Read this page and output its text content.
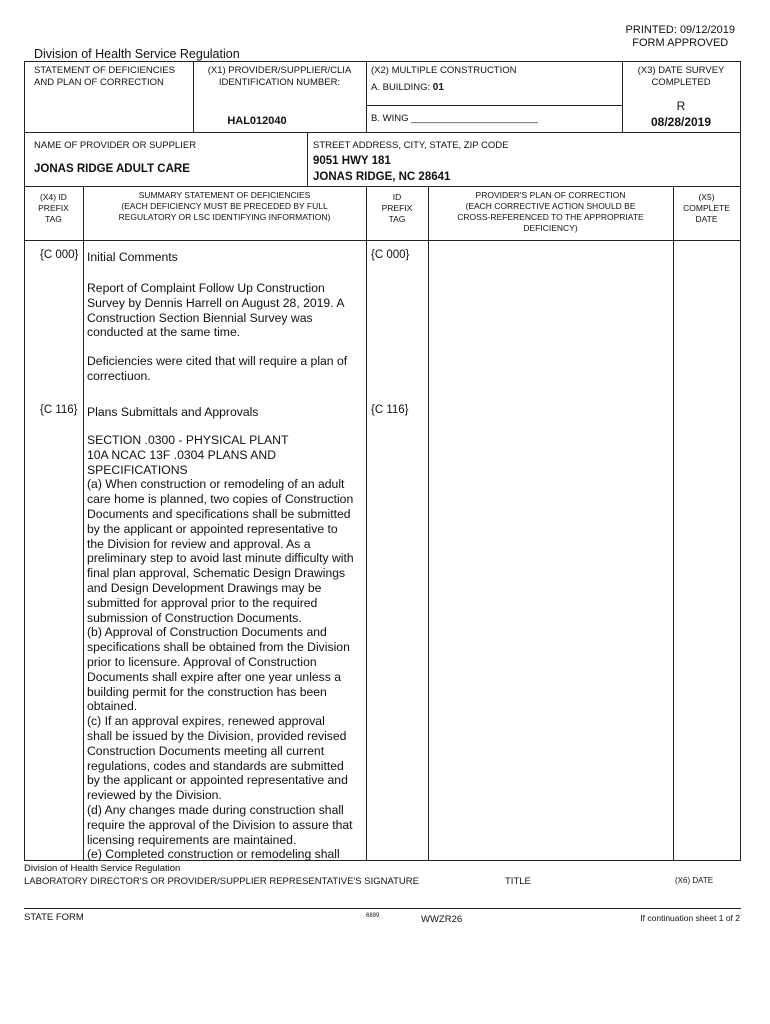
PRINTED: 09/12/2019
FORM APPROVED
Division of Health Service Regulation
STATEMENT OF DEFICIENCIES
AND PLAN OF CORRECTION
(X1) PROVIDER/SUPPLIER/CLIA
IDENTIFICATION NUMBER:
HAL012040
(X2) MULTIPLE CONSTRUCTION
A. BUILDING: 01
B. WING ________________________
(X3) DATE SURVEY
COMPLETED
R
08/28/2019
NAME OF PROVIDER OR SUPPLIER
JONAS RIDGE ADULT CARE
STREET ADDRESS, CITY, STATE, ZIP CODE
9051 HWY 181
JONAS RIDGE, NC 28641
(X4) ID
PREFIX
TAG
SUMMARY STATEMENT OF DEFICIENCIES
(EACH DEFICIENCY MUST BE PRECEDED BY FULL
REGULATORY OR LSC IDENTIFYING INFORMATION)
ID
PREFIX
TAG
PROVIDER'S PLAN OF CORRECTION
(EACH CORRECTIVE ACTION SHOULD BE
CROSS-REFERENCED TO THE APPROPRIATE
DEFICIENCY)
(X5)
COMPLETE
DATE
{C 000} Initial Comments	{C 000}
Report of Complaint Follow Up Construction
Survey by Dennis Harrell on August 28, 2019. A
Construction Section Biennial Survey was
conducted at the same time.
Deficiencies were cited that will require a plan of
correctiuon.
{C 116} Plans Submittals and Approvals	{C 116}
SECTION .0300 - PHYSICAL PLANT
10A NCAC 13F .0304 PLANS AND
SPECIFICATIONS
(a) When construction or remodeling of an adult
care home is planned, two copies of Construction
Documents and specifications shall be submitted
by the applicant or appointed representative to
the Division for review and approval. As a
preliminary step to avoid last minute difficulty with
final plan approval, Schematic Design Drawings
and Design Development Drawings may be
submitted for approval prior to the required
submission of Construction Documents.
(b) Approval of Construction Documents and
specifications shall be obtained from the Division
prior to licensure. Approval of Construction
Documents shall expire after one year unless a
building permit for the construction has been
obtained.
(c) If an approval expires, renewed approval
shall be issued by the Division, provided revised
Construction Documents meeting all current
regulations, codes and standards are submitted
by the applicant or appointed representative and
reviewed by the Division.
(d) Any changes made during construction shall
require the approval of the Division to assure that
licensing requirements are maintained.
(e) Completed construction or remodeling shall
Division of Health Service Regulation
LABORATORY DIRECTOR'S OR PROVIDER/SUPPLIER REPRESENTATIVE'S SIGNATURE	TITLE	(X6) DATE
STATE FORM	6899	WWZR26	If continuation sheet 1 of 2
